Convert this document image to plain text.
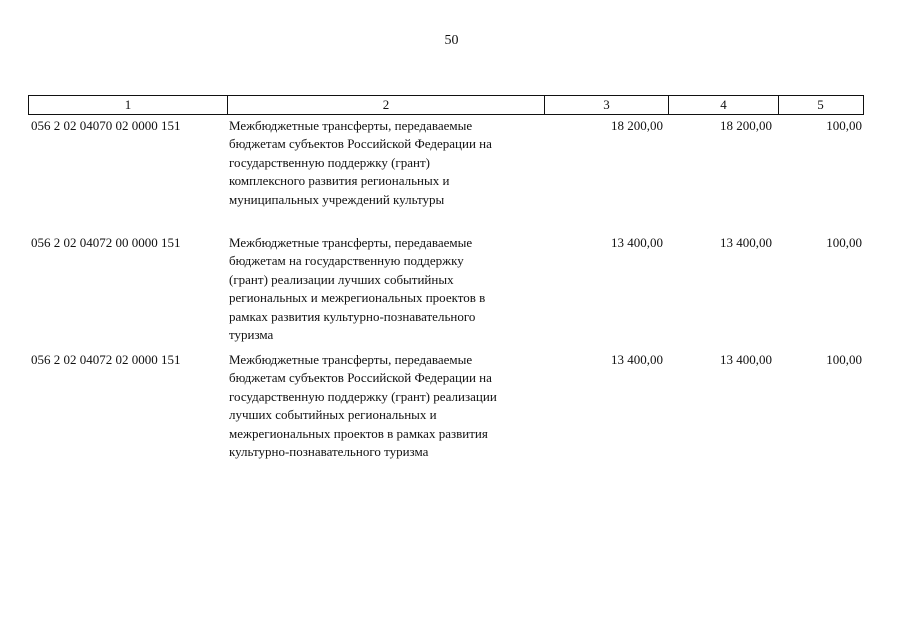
50
1	2	3	4	5
056 2 02 04070 02 0000 151	Межбюджетные трансферты, передаваемые
бюджетам субъектов Российской Федерации на
государственную поддержку (грант)
комплексного развития региональных и
муниципальных учреждений культуры
18 200,00	18 200,00	100,00
056 2 02 04072 00 0000 151	Межбюджетные трансферты, передаваемые
бюджетам на государственную поддержку
(грант) реализации лучших событийных
региональных и межрегиональных проектов в
рамках развития культурно-познавательного
туризма
13 400,00	13 400,00	100,00
056 2 02 04072 02 0000 151	Межбюджетные трансферты, передаваемые
бюджетам субъектов Российской Федерации на
государственную поддержку (грант) реализации
лучших событийных региональных и
межрегиональных проектов в рамках развития
культурно-познавательного туризма
13 400,00	13 400,00	100,00
